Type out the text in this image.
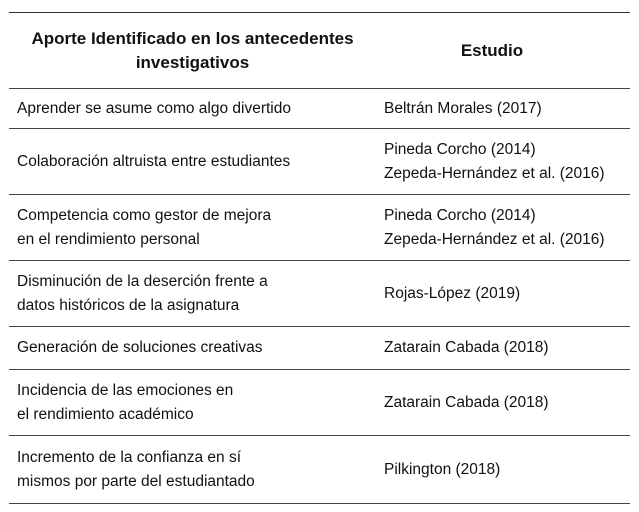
Aporte Identificado en los antecedentes
investigativos
Estudio
Aprender se asume como algo divertido	Beltrán Morales (2017)
Colaboración altruista entre estudiantes
Pineda Corcho (2014)
Zepeda-Hernández et al. (2016)
Competencia como gestor de mejora
en el rendimiento personal
Pineda Corcho (2014)
Zepeda-Hernández et al. (2016)
Disminución de la deserción frente a
datos históricos de la asignatura
Rojas-López (2019)
Generación de soluciones creativas	Zatarain Cabada (2018)
Incidencia de las emociones en
el rendimiento académico
Zatarain Cabada (2018)
Incremento de la confianza en sí
mismos por parte del estudiantado
Pilkington (2018)
